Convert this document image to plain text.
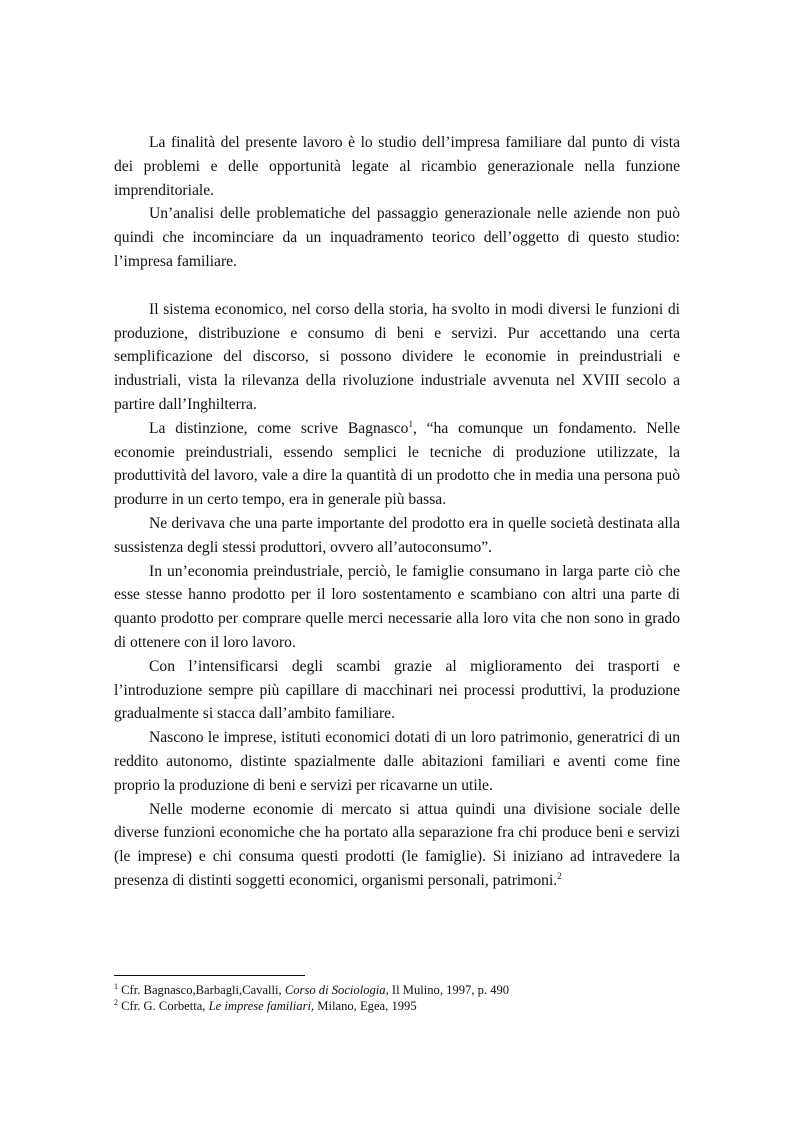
La finalità del presente lavoro è lo studio dell’impresa familiare dal punto di vista dei problemi e delle opportunità legate al ricambio generazionale nella funzione imprenditoriale.

Un’analisi delle problematiche del passaggio generazionale nelle aziende non può quindi che incominciare da un inquadramento teorico dell’oggetto di questo studio: l’impresa familiare.

Il sistema economico, nel corso della storia, ha svolto in modi diversi le funzioni di produzione, distribuzione e consumo di beni e servizi. Pur accettando una certa semplificazione del discorso, si possono dividere le economie in preindustriali e industriali, vista la rilevanza della rivoluzione industriale avvenuta nel XVIII secolo a partire dall’Inghilterra.

La distinzione, come scrive Bagnasco$^1$, “ha comunque un fondamento. Nelle economie preindustriali, essendo semplici le tecniche di produzione utilizzate, la produttività del lavoro, vale a dire la quantità di un prodotto che in media una persona può produrre in un certo tempo, era in generale più bassa.

Ne derivava che una parte importante del prodotto era in quelle società destinata alla sussistenza degli stessi produttori, ovvero all’autoconsumo”.

In un’economia preindustriale, perciò, le famiglie consumano in larga parte ciò che esse stesse hanno prodotto per il loro sostentamento e scambiano con altri una parte di quanto prodotto per comprare quelle merci necessarie alla loro vita che non sono in grado di ottenere con il loro lavoro.

Con l’intensificarsi degli scambi grazie al miglioramento dei trasporti e l’introduzione sempre più capillare di macchinari nei processi produttivi, la produzione gradualmente si stacca dall’ambito familiare.

Nascono le imprese, istituti economici dotati di un loro patrimonio, generatrici di un reddito autonomo, distinte spazialmente dalle abitazioni familiari e aventi come fine proprio la produzione di beni e servizi per ricavarne un utile.

Nelle moderne economie di mercato si attua quindi una divisione sociale delle diverse funzioni economiche che ha portato alla separazione fra chi produce beni e servizi (le imprese) e chi consuma questi prodotti (le famiglie). Si iniziano ad intravedere la presenza di distinti soggetti economici, organismi personali, patrimoni.$^2$

$^1$ Cfr. Bagnasco,Barbagli,Cavalli, Corso di Sociologia, Il Mulino, 1997, p. 490

$^2$ Cfr. G. Corbetta, Le imprese familiari, Milano, Egea, 1995
